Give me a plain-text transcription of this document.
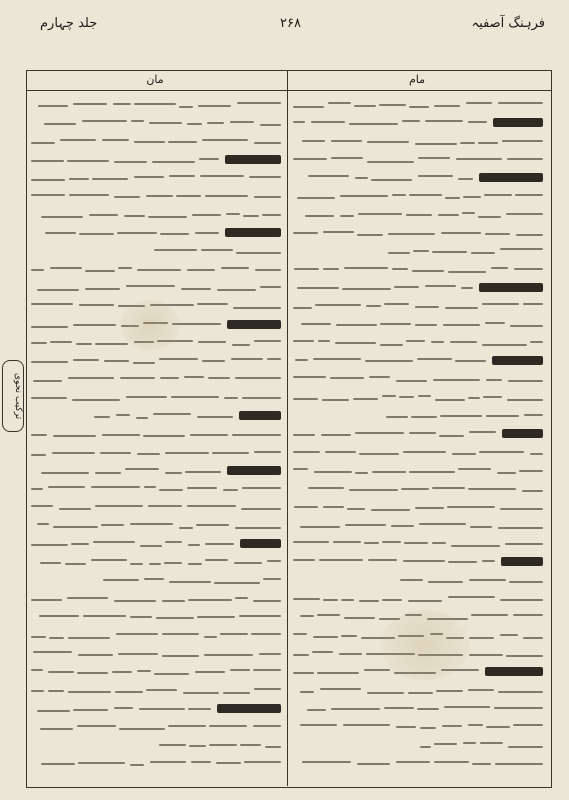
جلد چہارم	۲۶۸	فرہنگ آصفیہ
مان	مام
ترکیب نحوی
